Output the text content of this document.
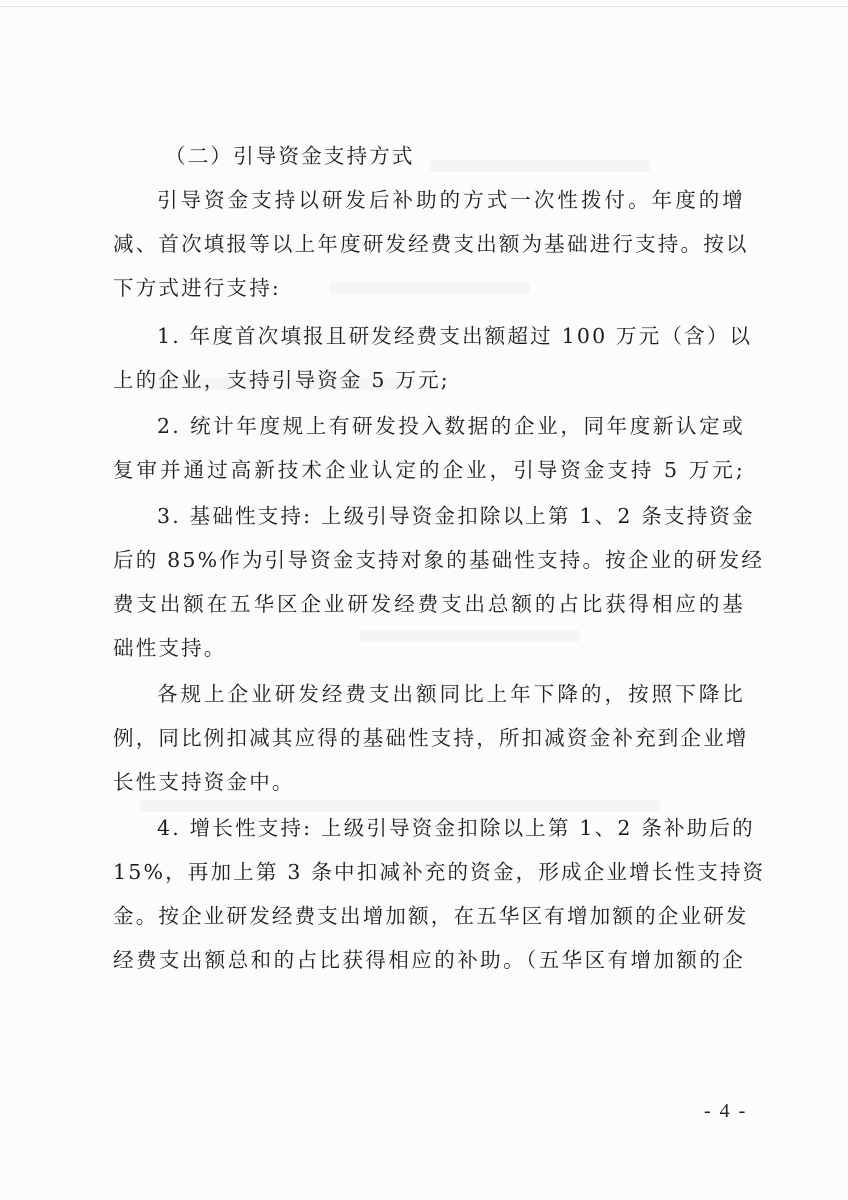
（二）引导资金支持方式
引导资金支持以研发后补助的方式一次性拨付。年度的增
减、首次填报等以上年度研发经费支出额为基础进行支持。按以
下方式进行支持:
1. 年度首次填报且研发经费支出额超过 100 万元（含）以
上的企业，支持引导资金 5 万元;
2. 统计年度规上有研发投入数据的企业，同年度新认定或
复审并通过高新技术企业认定的企业，引导资金支持 5 万元;
3. 基础性支持: 上级引导资金扣除以上第 1、2 条支持资金
后的 85%作为引导资金支持对象的基础性支持。按企业的研发经
费支出额在五华区企业研发经费支出总额的占比获得相应的基
础性支持。
各规上企业研发经费支出额同比上年下降的，按照下降比
例，同比例扣减其应得的基础性支持，所扣减资金补充到企业增
长性支持资金中。
4. 增长性支持: 上级引导资金扣除以上第 1、2 条补助后的
15%，再加上第 3 条中扣减补充的资金，形成企业增长性支持资
金。按企业研发经费支出增加额，在五华区有增加额的企业研发
经费支出额总和的占比获得相应的补助。（五华区有增加额的企
- 4 -
